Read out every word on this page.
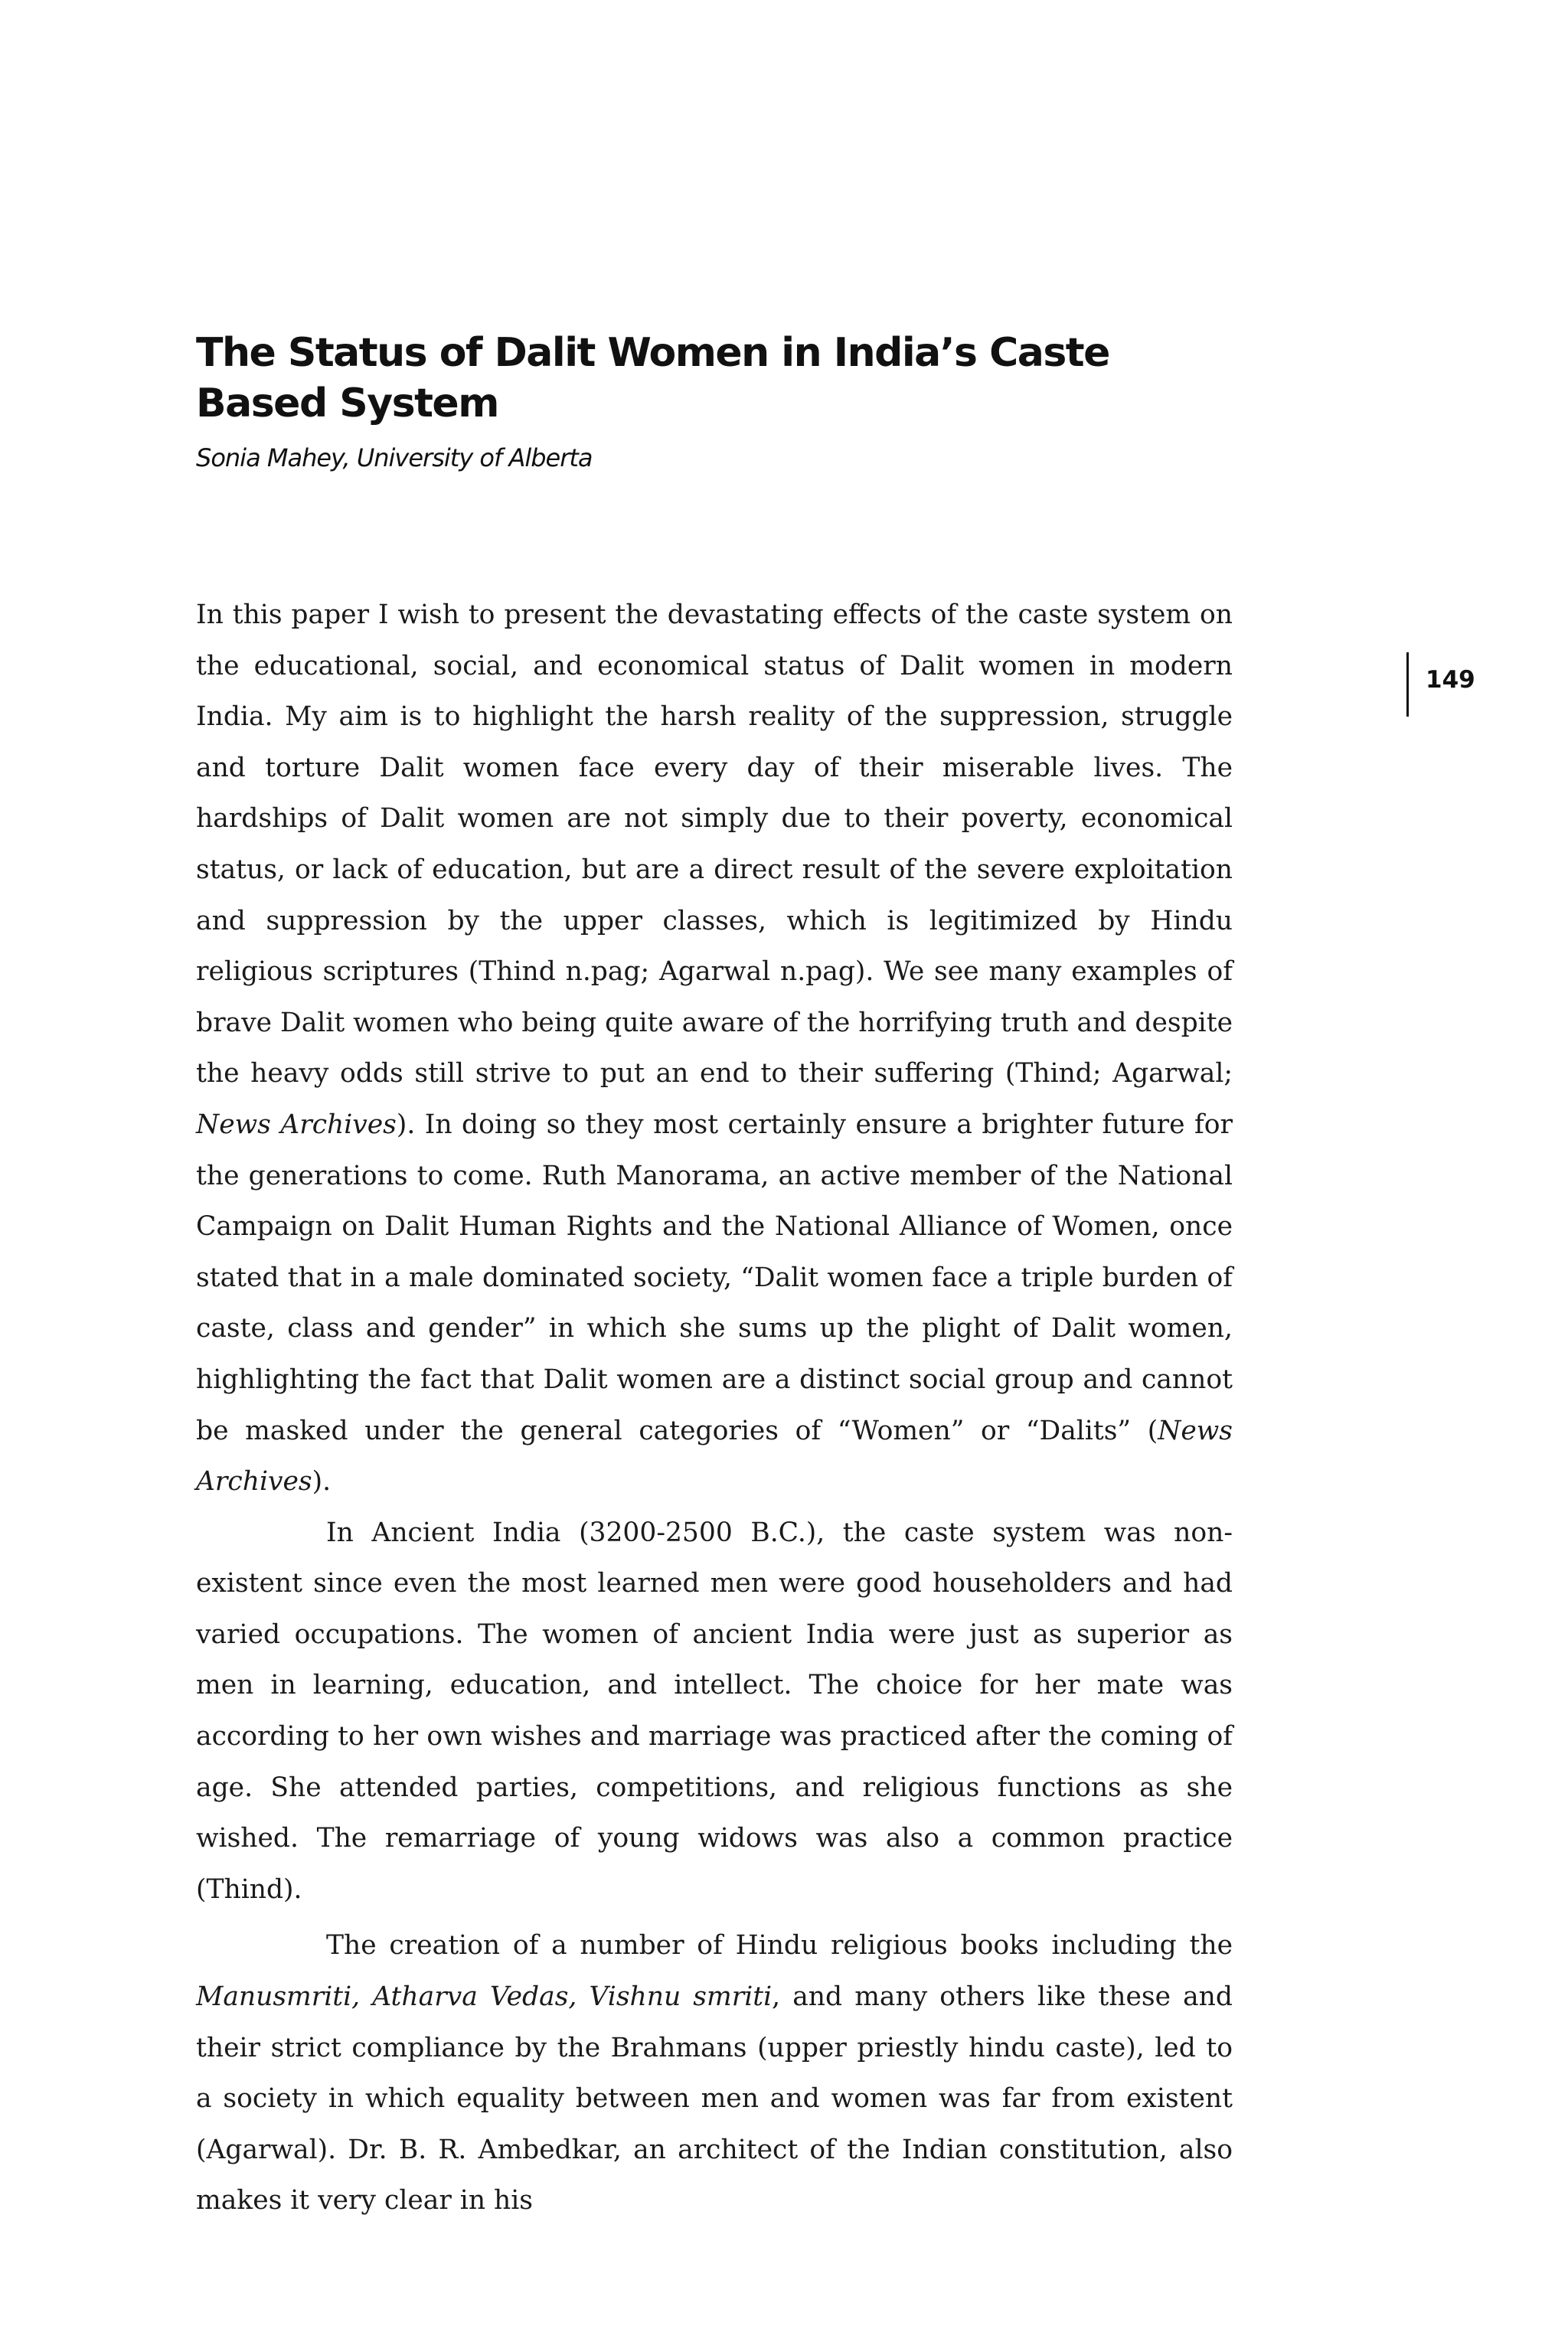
The Status of Dalit Women in India’s Caste Based System

Sonia Mahey, University of Alberta

149

In this paper I wish to present the devastating effects of the caste system on the educational, social, and economical status of Dalit women in modern India. My aim is to highlight the harsh reality of the suppression, struggle and torture Dalit women face every day of their miserable lives. The hardships of Dalit women are not simply due to their poverty, economical status, or lack of education, but are a direct result of the severe exploitation and suppression by the upper classes, which is legitimized by Hindu religious scriptures (Thind n.pag; Agarwal n.pag). We see many examples of brave Dalit women who being quite aware of the horrifying truth and despite the heavy odds still strive to put an end to their suffering (Thind; Agarwal; News Archives). In doing so they most certainly ensure a brighter future for the generations to come. Ruth Manorama, an active member of the National Campaign on Dalit Human Rights and the National Alliance of Women, once stated that in a male dominated society, “Dalit women face a triple burden of caste, class and gender” in which she sums up the plight of Dalit women, highlighting the fact that Dalit women are a distinct social group and cannot be masked under the general categories of “Women” or “Dalits” (News Archives).

In Ancient India (3200-2500 B.C.), the caste system was non-existent since even the most learned men were good householders and had varied occupations. The women of ancient India were just as superior as men in learning, education, and intellect. The choice for her mate was according to her own wishes and marriage was practiced after the coming of age. She attended parties, competitions, and religious functions as she wished. The remarriage of young widows was also a common practice (Thind).

The creation of a number of Hindu religious books including the Manusmriti, Atharva Vedas, Vishnu smriti, and many others like these and their strict compliance by the Brahmans (upper priestly hindu caste), led to a society in which equality between men and women was far from existent (Agarwal). Dr. B. R. Ambedkar, an architect of the Indian constitution, also makes it very clear in his
